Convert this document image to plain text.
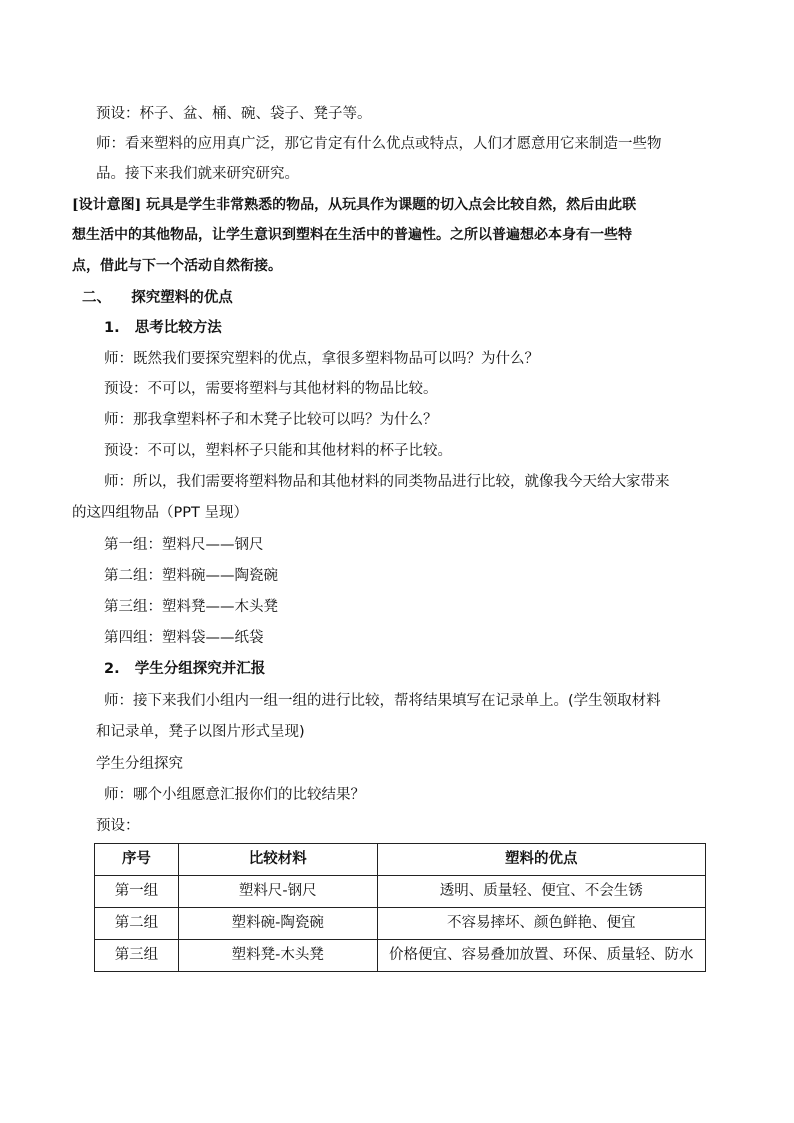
预设：杯子、盆、桶、碗、袋子、凳子等。
师：看来塑料的应用真广泛，那它肯定有什么优点或特点，人们才愿意用它来制造一些物
品。接下来我们就来研究研究。
[设计意图] 玩具是学生非常熟悉的物品，从玩具作为课题的切入点会比较自然，然后由此联
想生活中的其他物品，让学生意识到塑料在生活中的普遍性。之所以普遍想必本身有一些特
点，借此与下一个活动自然衔接。
二、    探究塑料的优点
1.   思考比较方法
师：既然我们要探究塑料的优点，拿很多塑料物品可以吗？为什么？
预设：不可以，需要将塑料与其他材料的物品比较。
师：那我拿塑料杯子和木凳子比较可以吗？为什么？
预设：不可以，塑料杯子只能和其他材料的杯子比较。
师：所以，我们需要将塑料物品和其他材料的同类物品进行比较，就像我今天给大家带来
的这四组物品（PPT 呈现）
第一组：塑料尺——钢尺
第二组：塑料碗——陶瓷碗
第三组：塑料凳——木头凳
第四组：塑料袋——纸袋
2.   学生分组探究并汇报
师：接下来我们小组内一组一组的进行比较，帮将结果填写在记录单上。(学生领取材料
和记录单，凳子以图片形式呈现)
学生分组探究
师：哪个小组愿意汇报你们的比较结果？
预设：
序号	比较材料	塑料的优点
第一组	塑料尺-钢尺	透明、质量轻、便宜、不会生锈
第二组	塑料碗-陶瓷碗	不容易摔坏、颜色鲜艳、便宜
第三组	塑料凳-木头凳	价格便宜、容易叠加放置、环保、质量轻、防水
